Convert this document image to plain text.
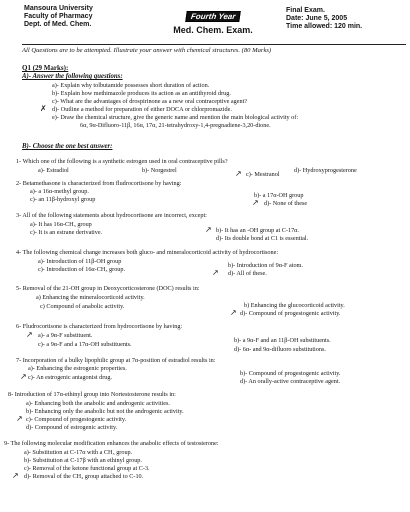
Mansoura University
Faculty of Pharmacy
Dept. of Med. Chem.
Fourth Year
Med. Chem. Exam.
Final Exam.
Date: June 5, 2005
Time allowed: 120 min.
All Questions are to be attempted. Illustrate your answer with chemical structures. (80 Marks)
Q1 (29 Marks):
A)- Answer the following questions:
a)- Explain why tolbutamide possesses short duration of action.
b)- Explain how methimazole produces its action as an antithyroid drug.
c)- What are the advantages of drospirinone as a new oral contraceptive agent?
✗ d)- Outline a method for preparation of either DOCA or chlorpromazide.
e)- Draw the chemical structure, give the generic name and mention the main biological activity of:
6α, 9α-Difluoro-11β, 16α, 17α, 21-tetrahydroxy-1,4-pregnadiene-3,20-dione.
B)- Choose the one best answer:
1- Which one of the following is a synthetic estrogen used in oral contraceptive pills?
a)- Estradiol	b)- Norgestrel	↗ c)- Mestranol
d)- Hydroxyprogesterone
2- Betamethasone is characterized from fludrocortisone by having:
a)- a 16α-methyl group.
b)- a 17α-OH group
c)- an 11β-hydroxyl group	↗ d)- None of these
3- All of the following statements about hydrocortisone are incorrect, except:
a)- It has 16α-CH₃ group
↗ b)- It has an -OH group at C-17α.
c)- It is an estrane derivative.
d)- Its double bond at C1 is essential.
4- The following chemical change increases both gluco- and mineralocorticoid activity of hydrocortisone:
a)- Introduction of 11β-OH group
b)- Introduction of 9α-F atom.
c)- Introduction of 16α-CH₃ group.	↗ d)- All of these.
5- Removal of the 21-OH group in Deoxycorticosterone (DOC) results in:
a) Enhancing the mineralocorticoid activity.
b) Enhancing the glucocorticoid activity.
c) Compound of anabolic activity.
↗ d)- Compound of progestogenic activity.
6- Fludrocortisone is characterized from hydrocortisone by having:
↗ a)- a 9α-F substituent.
b)- a 9α-F and an 11β-OH substituents.
c)- a 9α-F and a 17α-OH substituents.
d)- 6α- and 9α-difluoro substitutions.
7- Incorporation of a bulky lipophilic group at 7α-position of estradiol results in:
a)- Enhancing the estrogenic properties.
b)- Compound of progestogenic activity.
↗ c)- An estrogenic antagonist drug.
d)- An orally-active contraceptive agent.
8- Introduction of 17α-ethinyl group into Nortestosterone results in:
a)- Enhancing both the anabolic and androgenic activities.
b)- Enhancing only the anabolic but not the androgenic activity.
↗ c)- Compound of progestogenic activity.
d)- Compound of estrogenic activity.
9- The following molecular modification enhances the anabolic effects of testosterone:
a)- Substitution at C-17α with a CH₃ group.
b)- Substitution at C-17β with an ethinyl group.
c)- Removal of the ketone functional group at C-3.
↗ d)- Removal of the CH₃ group attached to C-10.
